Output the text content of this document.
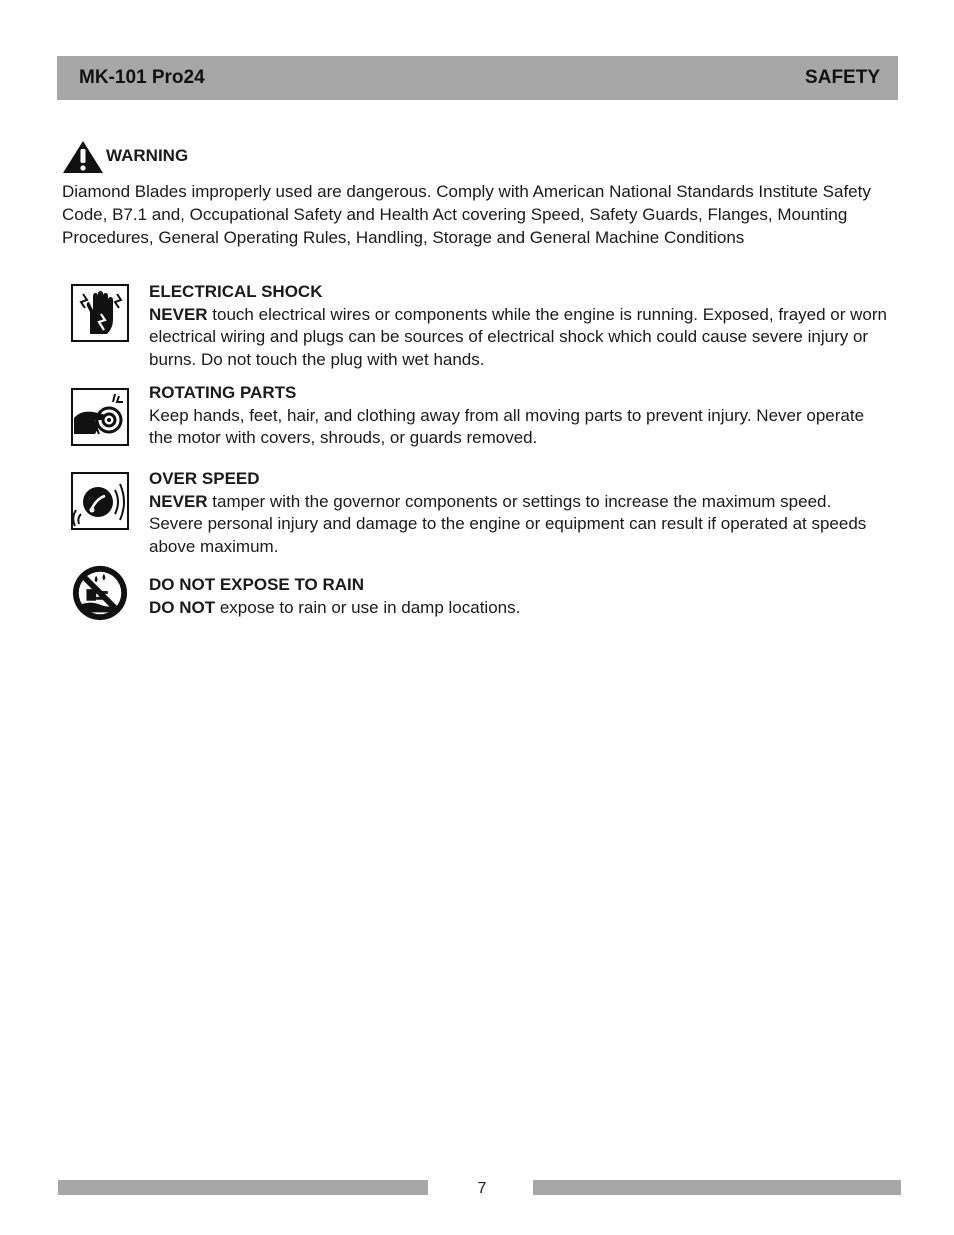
MK-101 Pro24	SAFETY
WARNING
Diamond Blades improperly used are dangerous. Comply with American National Standards Institute Safety Code, B7.1 and, Occupational Safety and Health Act covering Speed, Safety Guards, Flanges, Mounting Procedures, General Operating Rules, Handling, Storage and General Machine Conditions
ELECTRICAL SHOCK
NEVER touch electrical wires or components while the engine is running. Exposed, frayed or worn electrical wiring and plugs can be sources of electrical shock which could cause severe injury or burns. Do not touch the plug with wet hands.
ROTATING PARTS
Keep hands, feet, hair, and clothing away from all moving parts to prevent injury. Never operate the motor with covers, shrouds, or guards removed.
OVER SPEED
NEVER tamper with the governor components or settings to increase the maximum speed. Severe personal injury and damage to the engine or equipment can result if operated at speeds above maximum.
DO NOT EXPOSE TO RAIN
DO NOT expose to rain or use in damp locations.
7
